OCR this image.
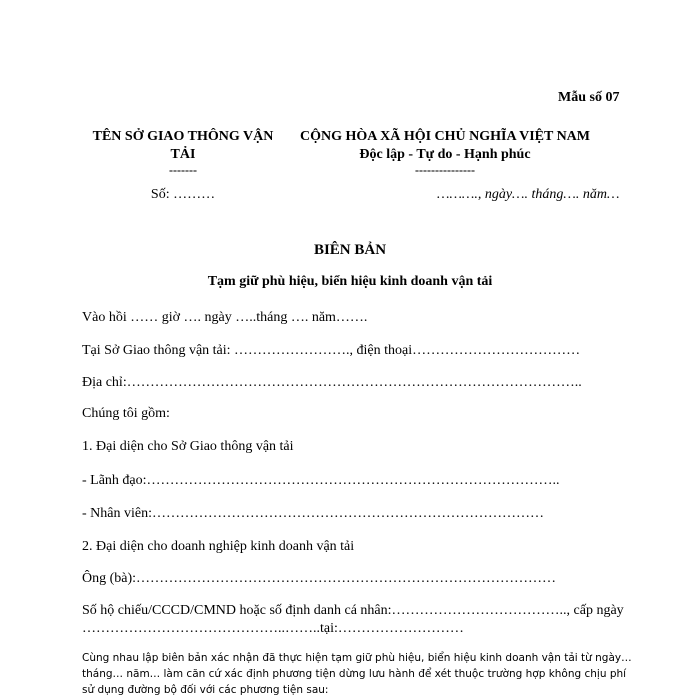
Mẫu số 07
TÊN SỞ GIAO THÔNG VẬN
TẢI
-------
Số: ………
CỘNG HÒA XÃ HỘI CHỦ NGHĨA VIỆT NAM
Độc lập - Tự do - Hạnh phúc
---------------
………., ngày…. tháng…. năm…
BIÊN BẢN
Tạm giữ phù hiệu, biển hiệu kinh doanh vận tải
Vào hồi …… giờ …. ngày …..tháng …. năm…….
Tại Sở Giao thông vận tải: ……………………., điện thoại………………………………
Địa chỉ:……………………………………………………………………………………..
Chúng tôi gồm:
1. Đại diện cho Sở Giao thông vận tải
- Lãnh đạo:……………………………………………………………………………..
- Nhân viên:…………………………………………………………………………
2. Đại diện cho doanh nghiệp kinh doanh vận tải
Ông (bà):………………………………………………………………………………
Số hộ chiếu/CCCD/CMND hoặc số định danh cá nhân:……………………………….., cấp ngày
……………………………………..……..tại:………………………
Cùng nhau lập biên bản xác nhận đã thực hiện tạm giữ phù hiệu, biển hiệu kinh doanh vận tải từ ngày…
tháng… năm… làm căn cứ xác định phương tiện dừng lưu hành để xét thuộc trường hợp không chịu phí
sử dụng đường bộ đối với các phương tiện sau:
